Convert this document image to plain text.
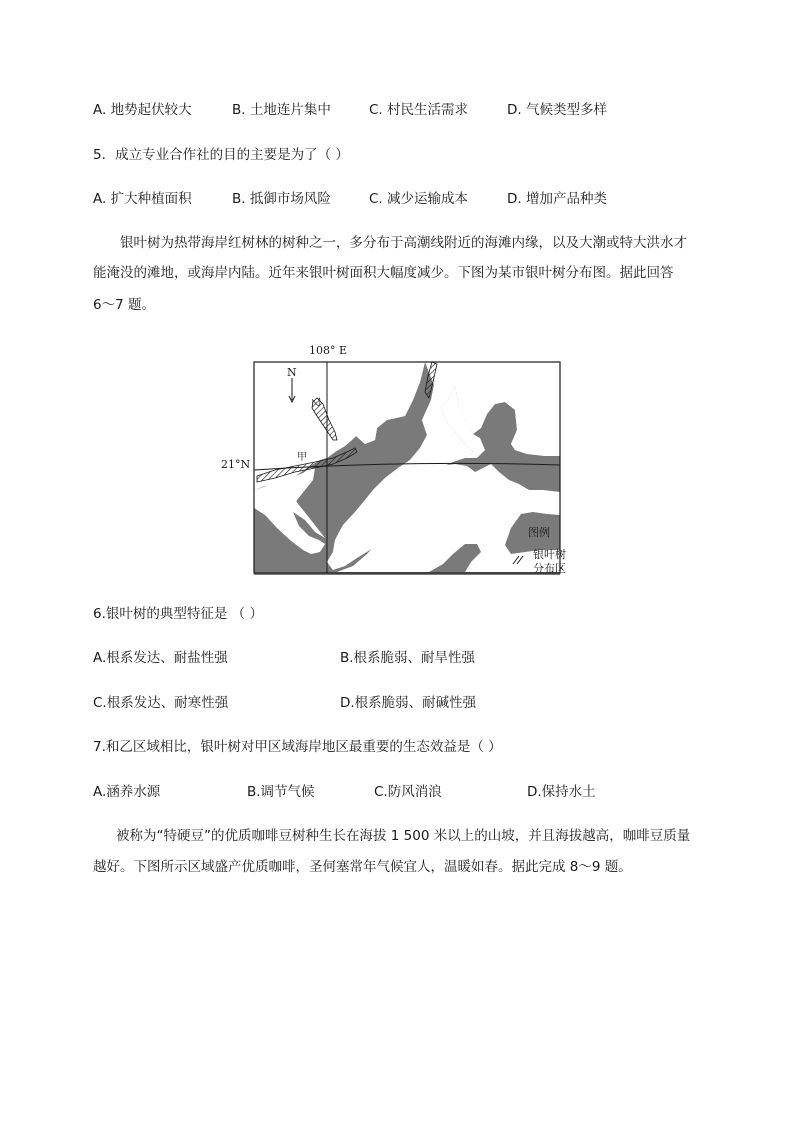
A. 地势起伏较大	B. 土地连片集中	C. 村民生活需求	D. 气候类型多样
5．成立专业合作社的目的主要是为了（ ）
A. 扩大种植面积	B. 抵御市场风险	C. 减少运输成本	D. 增加产品种类
银叶树为热带海岸红树林的树种之一，多分布于高潮线附近的海滩内缘，以及大潮或特大洪水才
能淹没的滩地，或海岸内陆。近年来银叶树面积大幅度减少。下图为某市银叶树分布图。据此回答
6～7 题。
N
108° E
21°N
乙
甲
北 部 湾
图例
银叶树
分布区
6.银叶树的典型特征是 （ ）
A.根系发达、耐盐性强	B.根系脆弱、耐旱性强
C.根系发达、耐寒性强	D.根系脆弱、耐碱性强
7.和乙区域相比，银叶树对甲区域海岸地区最重要的生态效益是（ ）
A.涵养水源	B.调节气候	C.防风消浪	D.保持水土
被称为“特硬豆”的优质咖啡豆树种生长在海拔 1 500 米以上的山坡，并且海拔越高，咖啡豆质量
越好。下图所示区域盛产优质咖啡，圣何塞常年气候宜人，温暖如春。据此完成 8～9 题。
